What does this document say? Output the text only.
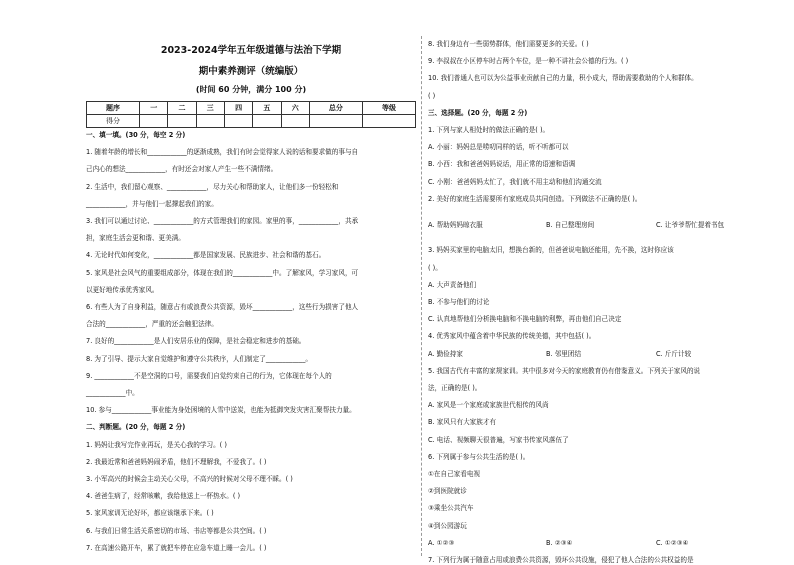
2023-2024学年五年级道德与法治下学期
期中素养测评（统编版）
(时间 60 分钟，满分 100 分)
题序	一	二	三	四	五	六	总分	等级
得分								
一、填一填。(30 分，每空 2 分)
1. 随着年龄的增长和____________的逐渐成熟，我们有时会觉得家人说的话和要求做的事与自
己内心的想法____________，有时还会对家人产生一些不满情绪。
2. 生活中，我们留心观察、____________，尽力关心和帮助家人，让他们多一份轻松和
____________，并与他们一起撑起我们的家。
3. 我们可以通过讨论、____________的方式管理我们的家园。家里的事，____________，共承
担，家庭生活会更和谐、更美满。
4. 无论时代如何变化，____________都是国家发展、民族进步、社会和谐的基石。
5. 家风是社会风气的重要组成部分，体现在我们的____________中。了解家风，学习家风，可
以更好地传承优秀家风。
6. 有些人为了自身利益，随意占有或浪费公共资源，毁坏____________，这些行为损害了他人
合法的____________，严重的还会触犯法律。
7. 良好的____________是人们安居乐业的保障，是社会稳定和进步的基础。
8. 为了引导、提示大家自觉维护和遵守公共秩序，人们制定了____________。
9. ____________不是空洞的口号，需要我们自觉约束自己的行为，它体现在每个人的
____________中。
10. 参与____________事业能为身处困境的人雪中送炭，也能为抵御突发灾害汇聚帮扶力量。
二、判断题。(20 分，每题 2 分)
1. 妈妈让我写完作业再玩，是关心我的学习。( )
2. 我最近常和爸爸妈妈闹矛盾，他们不理解我，不爱我了。( )
3. 小军高兴的时候会主动关心父母，不高兴的时候对父母不理不睬。( )
4. 爸爸生病了，经常咳嗽，我给他送上一杯热水。( )
5. 家风家训无论好坏，都应该继承下来。( )
6. 与我们日常生活关系密切的市场、书店等都是公共空间。( )
7. 在高速公路开车，累了就把车停在应急车道上睡一会儿。( )
8. 我们身边有一些弱势群体，他们需要更多的关爱。( )
9. 李叔叔在小区停车时占两个车位，是一种不讲社会公德的行为。( )
10. 我们普通人也可以为公益事业贡献自己的力量，积小成大，帮助需要救助的个人和群体。
( )
三、选择题。(20 分，每题 2 分)
1. 下列与家人相处时的做法正确的是( )。
A. 小丽：妈妈总是唠叨同样的话，听不听都可以
B. 小西：我和爸爸妈妈说话，用正常的语速和语调
C. 小刚：爸爸妈妈太忙了，我们就不用主动和他们沟通交流
2. 美好的家庭生活需要所有家庭成员共同创造。下列做法不正确的是( )。
3. 妈妈买家里的电脑太旧，想换台新的，但爸爸说电脑还能用，先不换，这时你应该
( )。
A. 大声责备他们
B. 不参与他们的讨论
C. 认真地帮他们分析换电脑和不换电脑的利弊，再由他们自己决定
4. 优秀家风中蕴含着中华民族的传统美德，其中包括( )。
5. 我国古代有丰富的家规家训。其中很多对今天的家庭教育仍有借鉴意义。下列关于家风的说
法，正确的是( )。
A. 家风是一个家庭或家族世代相传的风尚
B. 家风只有大家族才有
C. 电话、视频聊天很普遍，写家书传家风落伍了
6. 下列属于参与公共生活的是( )。
①在自己家看电视
②到医院就诊
③乘坐公共汽车
④到公园游玩
7. 下列行为属于随意占用或浪费公共资源，毁坏公共设施，侵犯了他人合法的公共权益的是
A. 帮助妈妈晾衣服	B. 自己整理房间	C. 让爷爷帮忙提着书包
A. 勤俭持家	B. 邻里团结	C. 斤斤计较
A. ①②③	B. ②③④	C. ①②③④
